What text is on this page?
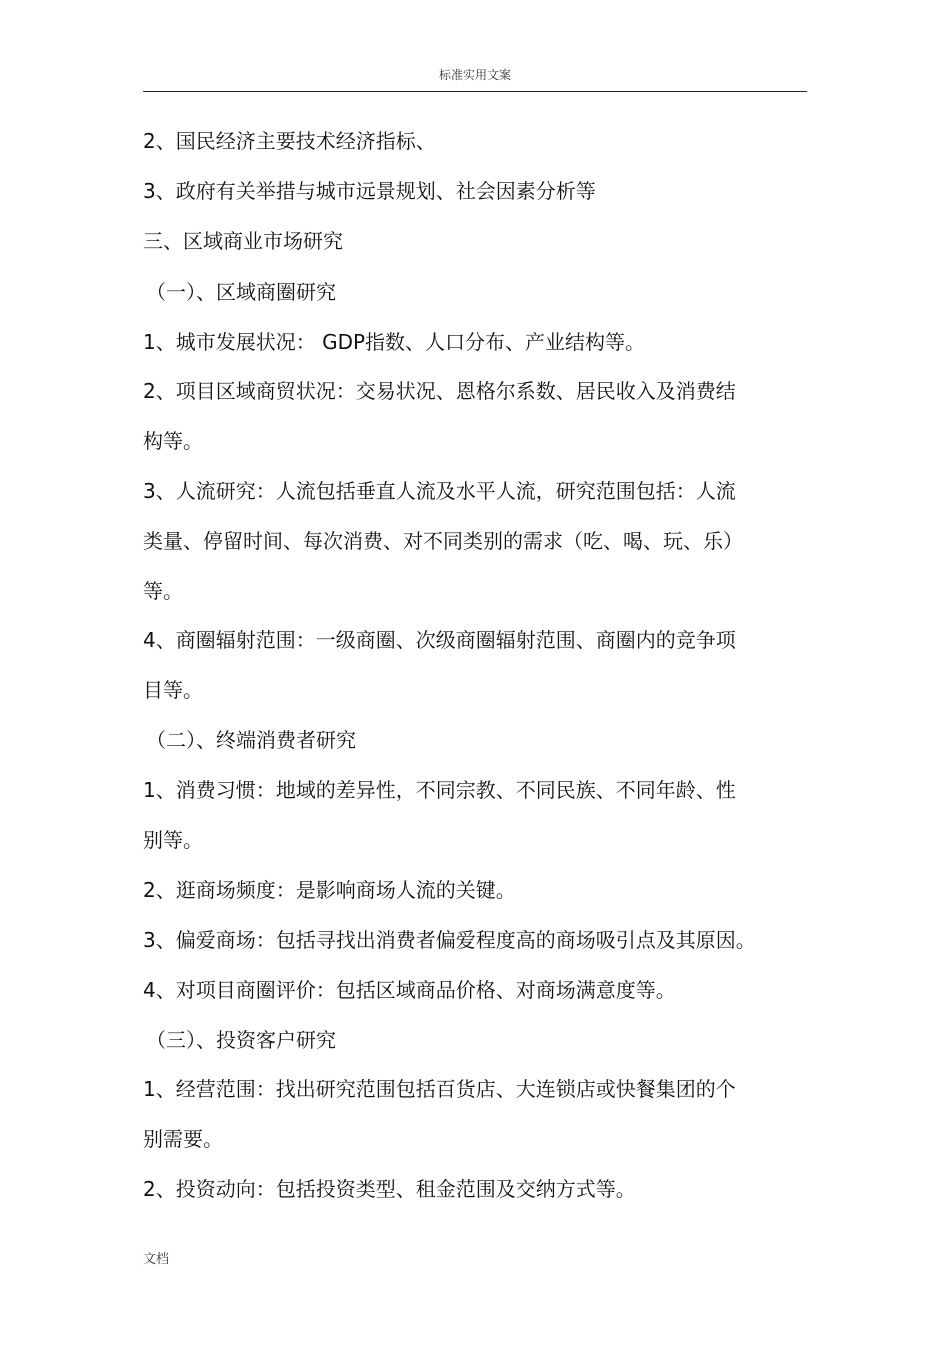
标准实用文案
2、国民经济主要技术经济指标、
3、政府有关举措与城市远景规划、社会因素分析等
三、区域商业市场研究
（一）、区域商圈研究
1、城市发展状况： GDP指数、人口分布、产业结构等。
2、项目区域商贸状况：交易状况、恩格尔系数、居民收入及消费结
构等。
3、人流研究：人流包括垂直人流及水平人流，研究范围包括：人流
类量、停留时间、每次消费、对不同类别的需求（吃、喝、玩、乐）
等。
4、商圈辐射范围：一级商圈、次级商圈辐射范围、商圈内的竞争项
目等。
（二）、终端消费者研究
1、消费习惯：地域的差异性，不同宗教、不同民族、不同年龄、性
别等。
2、逛商场频度：是影响商场人流的关键。
3、偏爱商场：包括寻找出消费者偏爱程度高的商场吸引点及其原因。
4、对项目商圈评价：包括区域商品价格、对商场满意度等。
（三）、投资客户研究
1、经营范围：找出研究范围包括百货店、大连锁店或快餐集团的个
别需要。
2、投资动向：包括投资类型、租金范围及交纳方式等。
文档
